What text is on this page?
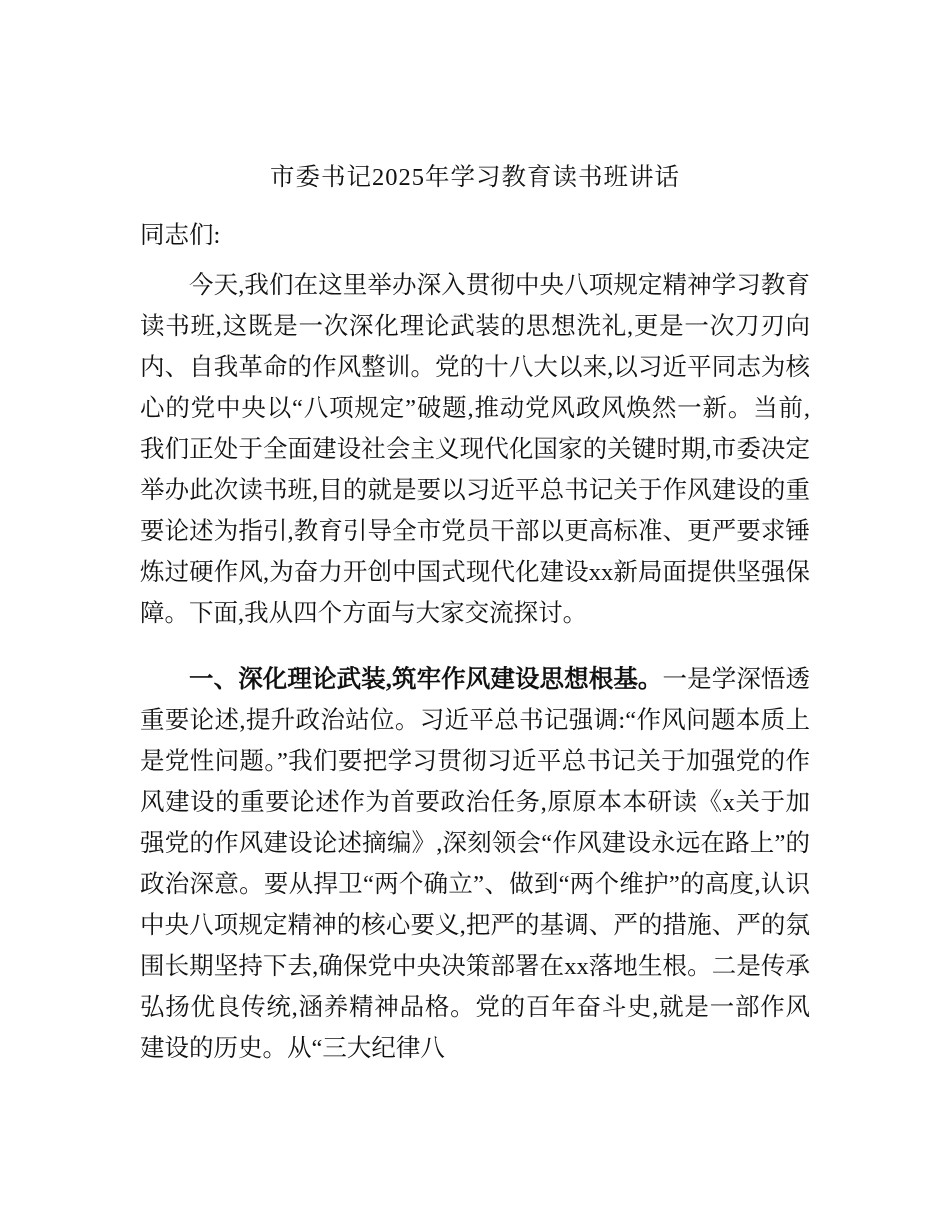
市委书记2025年学习教育读书班讲话

同志们:

今天,我们在这里举办深入贯彻中央八项规定精神学习教育读书班,这既是一次深化理论武装的思想洗礼,更是一次刀刃向内、自我革命的作风整训。党的十八大以来,以习近平同志为核心的党中央以“八项规定”破题,推动党风政风焕然一新。当前,我们正处于全面建设社会主义现代化国家的关键时期,市委决定举办此次读书班,目的就是要以习近平总书记关于作风建设的重要论述为指引,教育引导全市党员干部以更高标准、更严要求锤炼过硬作风,为奋力开创中国式现代化建设xx新局面提供坚强保障。下面,我从四个方面与大家交流探讨。

一、深化理论武装,筑牢作风建设思想根基。一是学深悟透重要论述,提升政治站位。习近平总书记强调:“作风问题本质上是党性问题。”我们要把学习贯彻习近平总书记关于加强党的作风建设的重要论述作为首要政治任务,原原本本研读《x关于加强党的作风建设论述摘编》,深刻领会“作风建设永远在路上”的政治深意。要从捍卫“两个确立”、做到“两个维护”的高度,认识中央八项规定精神的核心要义,把严的基调、严的措施、严的氛围长期坚持下去,确保党中央决策部署在xx落地生根。二是传承弘扬优良传统,涵养精神品格。党的百年奋斗史,就是一部作风建设的历史。从“三大纪律八
